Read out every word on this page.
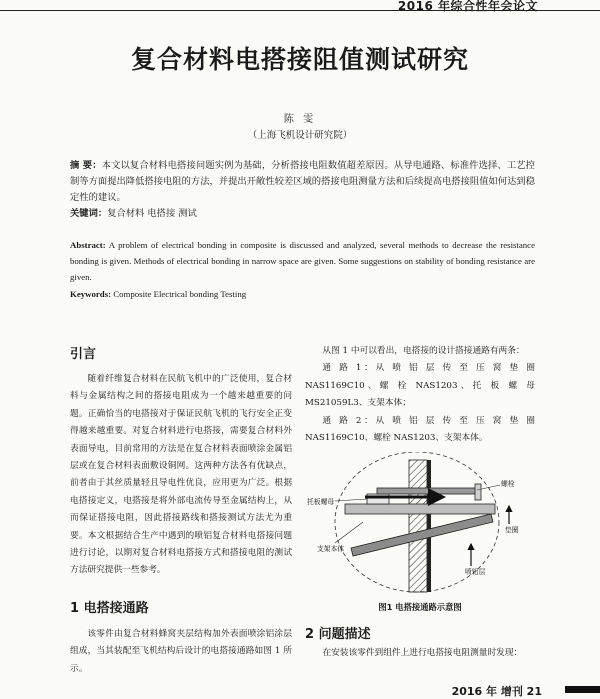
2016 年综合性年会论文
复合材料电搭接阻值测试研究
陈 雯
（上海飞机设计研究院）

摘 要：本文以复合材料电搭接问题实例为基础，分析搭接电阻数值超差原因。从导电通路、标准件选择、工艺控制等方面提出降低搭接电阻的方法，并提出开敞性较差区域的搭接电阻测量方法和后续提高电搭接阻值如何达到稳定性的建议。

关键词：复合材料 电搭接 测试

Abstract: A problem of electrical bonding in composite is discussed and analyzed, several methods to decrease the resistance bonding is given. Methods of electrical bonding in narrow space are given. Some suggestions on stability of bonding resistance are given.

Keywords: Composite Electrical bonding Testing

引言

随着纤维复合材料在民航飞机中的广泛使用，复合材料与金属结构之间的搭接电阻成为一个越来越重要的问题。正确恰当的电搭接对于保证民航飞机的飞行安全正变得越来越重要。对复合材料进行电搭接，需要复合材料外表面导电，目前常用的方法是在复合材料表面喷涂金属铝层或在复合材料表面敷设铜网。这两种方法各有优缺点，前者由于其丝质量轻且导电性优良，应用更为广泛。根据电搭接定义，电搭接是将外部电流传导至金属结构上，从而保证搭接电阻，因此搭接路线和搭接测试方法尤为重要。本文根据结合生产中遇到的喷铝复合材料电搭接问题进行讨论，以期对复合材料电搭接方式和搭接电阻的测试方法研究提供一些参考。

1 电搭接通路

该零件由复合材料蜂窝夹层结构加外表面喷涂铝涂层组成，当其装配至飞机结构后设计的电搭接通路如图 1 所示。

从图 1 中可以看出，电搭接的设计搭接通路有两条：

通 路 1：从 喷 铝 层 传 至 压 窝 垫 圈 NAS1169C10、螺 栓 NAS1203、托 板 螺 母 MS21059L3、支架本体；

通 路 2：从 喷 铝 层 传 至 压 窝 垫 圈 NAS1169C10、螺栓 NAS1203、支架本体。

托板螺母
螺栓
垫圈
支架本体
喷铝层
图1 电搭接通路示意图
2 问题描述

在安装该零件到组件上进行电搭接电阻测量时发现：

2016 年 增刊 21
